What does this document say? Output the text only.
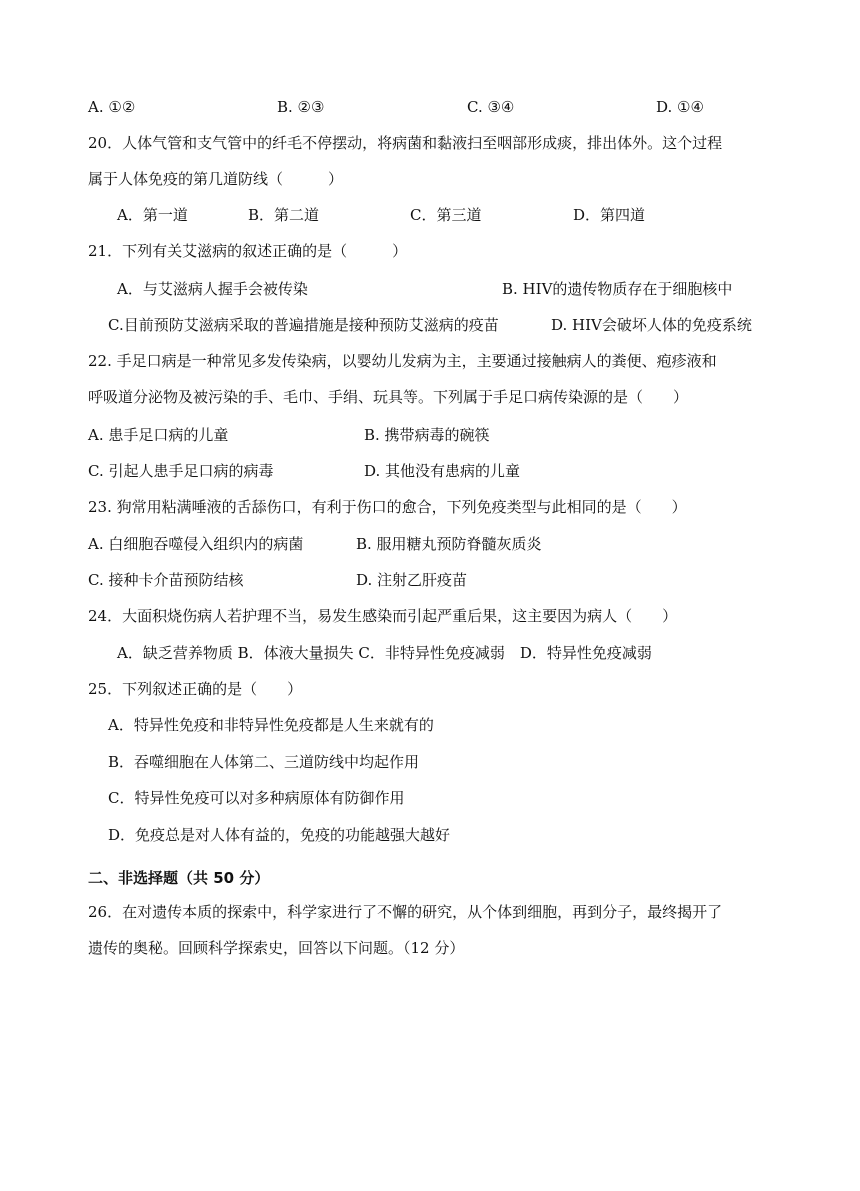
A. ①②	B. ②③	C. ③④	D. ①④
20．人体气管和支气管中的纤毛不停摆动，将病菌和黏液扫至咽部形成痰，排出体外。这个过程
属于人体免疫的第几道防线（　　　）
A．第一道	B．第二道	C．第三道	D．第四道
21．下列有关艾滋病的叙述正确的是（　　　）
A．与艾滋病人握手会被传染	B. HIV的遗传物质存在于细胞核中
C.目前预防艾滋病采取的普遍措施是接种预防艾滋病的疫苗	D. HIV会破坏人体的免疫系统
22. 手足口病是一种常见多发传染病，以婴幼儿发病为主，主要通过接触病人的粪便、疱疹液和
呼吸道分泌物及被污染的手、毛巾、手绢、玩具等。下列属于手足口病传染源的是（　　）
A. 患手足口病的儿童	B. 携带病毒的碗筷
C. 引起人患手足口病的病毒	D. 其他没有患病的儿童
23. 狗常用粘满唾液的舌舔伤口，有利于伤口的愈合，下列免疫类型与此相同的是（　　）
A. 白细胞吞噬侵入组织内的病菌	B. 服用糖丸预防脊髓灰质炎
C. 接种卡介苗预防结核	D. 注射乙肝疫苗
24．大面积烧伤病人若护理不当，易发生感染而引起严重后果，这主要因为病人（　　）
A．缺乏营养物质 B．体液大量损失 C．非特异性免疫减弱　D．特异性免疫减弱
25．下列叙述正确的是（　　）
A．特异性免疫和非特异性免疫都是人生来就有的
B．吞噬细胞在人体第二、三道防线中均起作用
C．特异性免疫可以对多种病原体有防御作用
D．免疫总是对人体有益的，免疫的功能越强大越好
二、非选择题（共 50 分）
26．在对遗传本质的探索中，科学家进行了不懈的研究，从个体到细胞，再到分子，最终揭开了
遗传的奥秘。回顾科学探索史，回答以下问题。（12 分）
